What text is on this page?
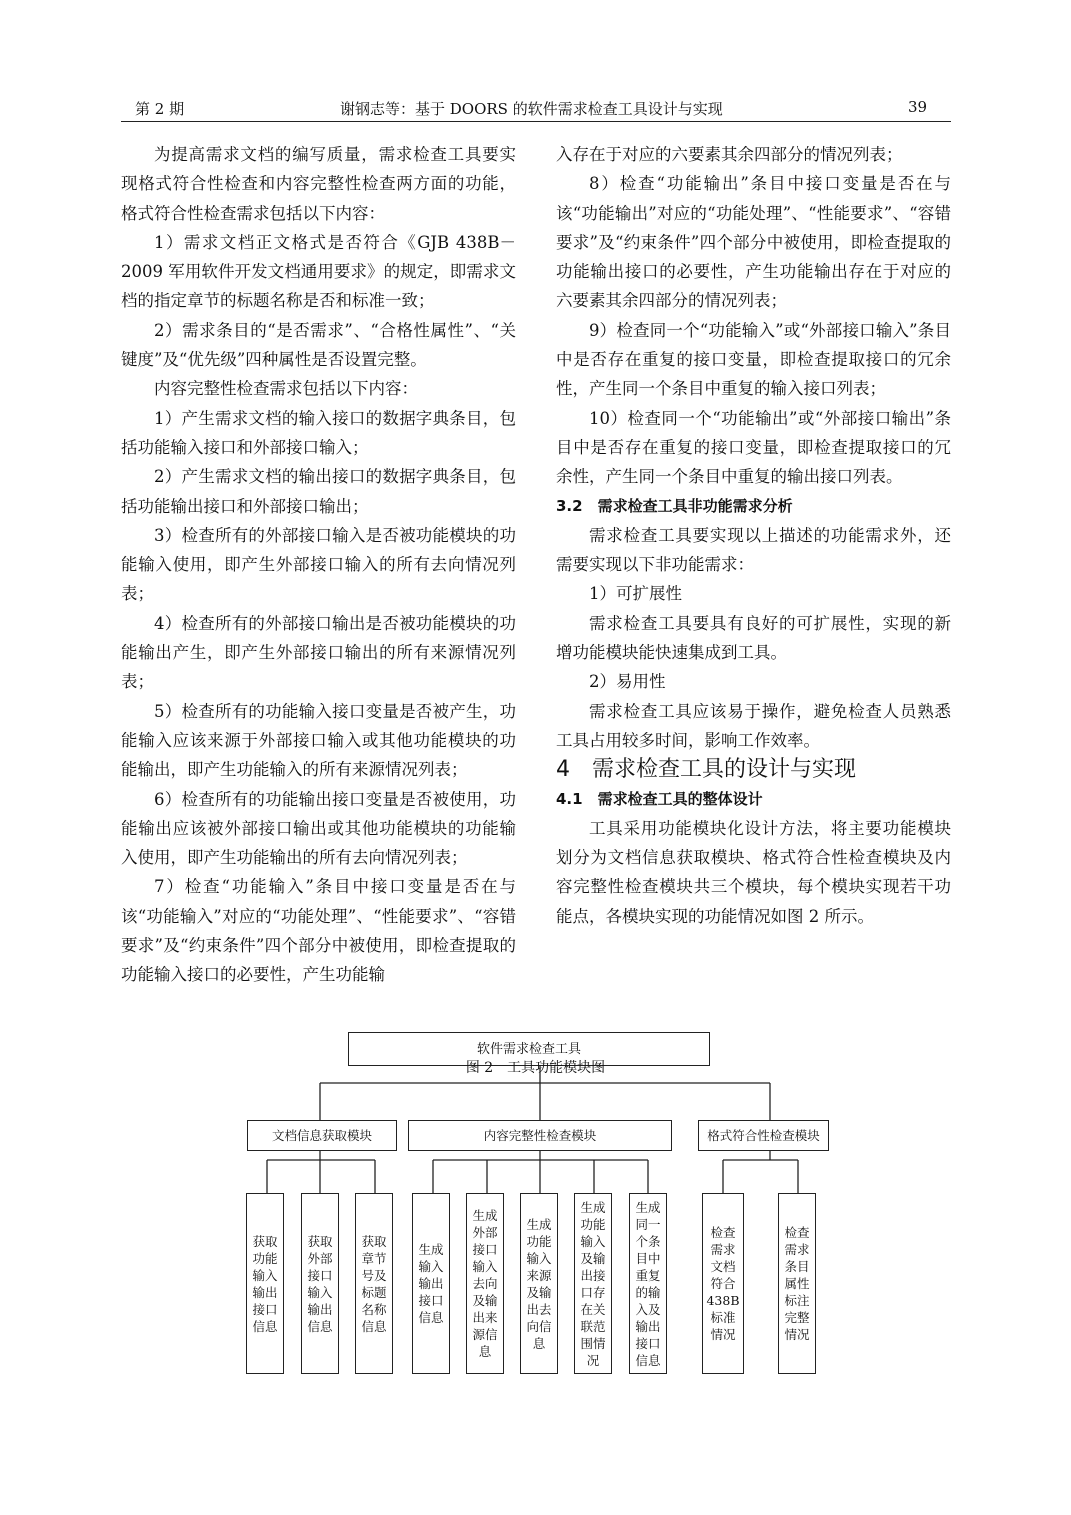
第 2 期	谢钢志等：基于 DOORS 的软件需求检查工具设计与实现	39

为提高需求文档的编写质量，需求检查工具要实现格式符合性检查和内容完整性检查两方面的功能，格式符合性检查需求包括以下内容：

1）需求文档正文格式是否符合《GJB 438B－2009 军用软件开发文档通用要求》的规定，即需求文档的指定章节的标题名称是否和标准一致；

2）需求条目的“是否需求”、“合格性属性”、“关键度”及“优先级”四种属性是否设置完整。

内容完整性检查需求包括以下内容：

1）产生需求文档的输入接口的数据字典条目，包括功能输入接口和外部接口输入；

2）产生需求文档的输出接口的数据字典条目，包括功能输出接口和外部接口输出；

3）检查所有的外部接口输入是否被功能模块的功能输入使用，即产生外部接口输入的所有去向情况列表；

4）检查所有的外部接口输出是否被功能模块的功能输出产生，即产生外部接口输出的所有来源情况列表；

5）检查所有的功能输入接口变量是否被产生，功能输入应该来源于外部接口输入或其他功能模块的功能输出，即产生功能输入的所有来源情况列表；

6）检查所有的功能输出接口变量是否被使用，功能输出应该被外部接口输出或其他功能模块的功能输入使用，即产生功能输出的所有去向情况列表；

7）检查“功能输入”条目中接口变量是否在与该“功能输入”对应的“功能处理”、“性能要求”、“容错要求”及“约束条件”四个部分中被使用，即检查提取的功能输入接口的必要性，产生功能输

入存在于对应的六要素其余四部分的情况列表；

8）检查“功能输出”条目中接口变量是否在与该“功能输出”对应的“功能处理”、“性能要求”、“容错要求”及“约束条件”四个部分中被使用，即检查提取的功能输出接口的必要性，产生功能输出存在于对应的六要素其余四部分的情况列表；

9）检查同一个“功能输入”或“外部接口输入”条目中是否存在重复的接口变量，即检查提取接口的冗余性，产生同一个条目中重复的输入接口列表；

10）检查同一个“功能输出”或“外部接口输出”条目中是否存在重复的接口变量，即检查提取接口的冗余性，产生同一个条目中重复的输出接口列表。

3.2　需求检查工具非功能需求分析

需求检查工具要实现以上描述的功能需求外，还需要实现以下非功能需求：

1）可扩展性

需求检查工具要具有良好的可扩展性，实现的新增功能模块能快速集成到工具。

2）易用性

需求检查工具应该易于操作，避免检查人员熟悉工具占用较多时间，影响工作效率。

4　需求检查工具的设计与实现

4.1　需求检查工具的整体设计

工具采用功能模块化设计方法，将主要功能模块划分为文档信息获取模块、格式符合性检查模块及内容完整性检查模块共三个模块，每个模块实现若干功能点，各模块实现的功能情况如图 2 所示。

软件需求检查工具
文档信息获取模块	内容完整性检查模块	格式符合性检查模块
获取功能输入输出接口信息
获取外部接口输入输出信息
获取章节号及标题名称信息
生成输入输出接口信息
生成外部接口输入去向及输出来源信息
生成功能输入来源及输出去向信息
生成功能输入及输出接口存在关联范围情况
生成同一个条目中重复的输入及输出接口信息
检查需求文档符合438B标准情况
检查需求条目属性标注完整情况
图 2　工具功能模块图
